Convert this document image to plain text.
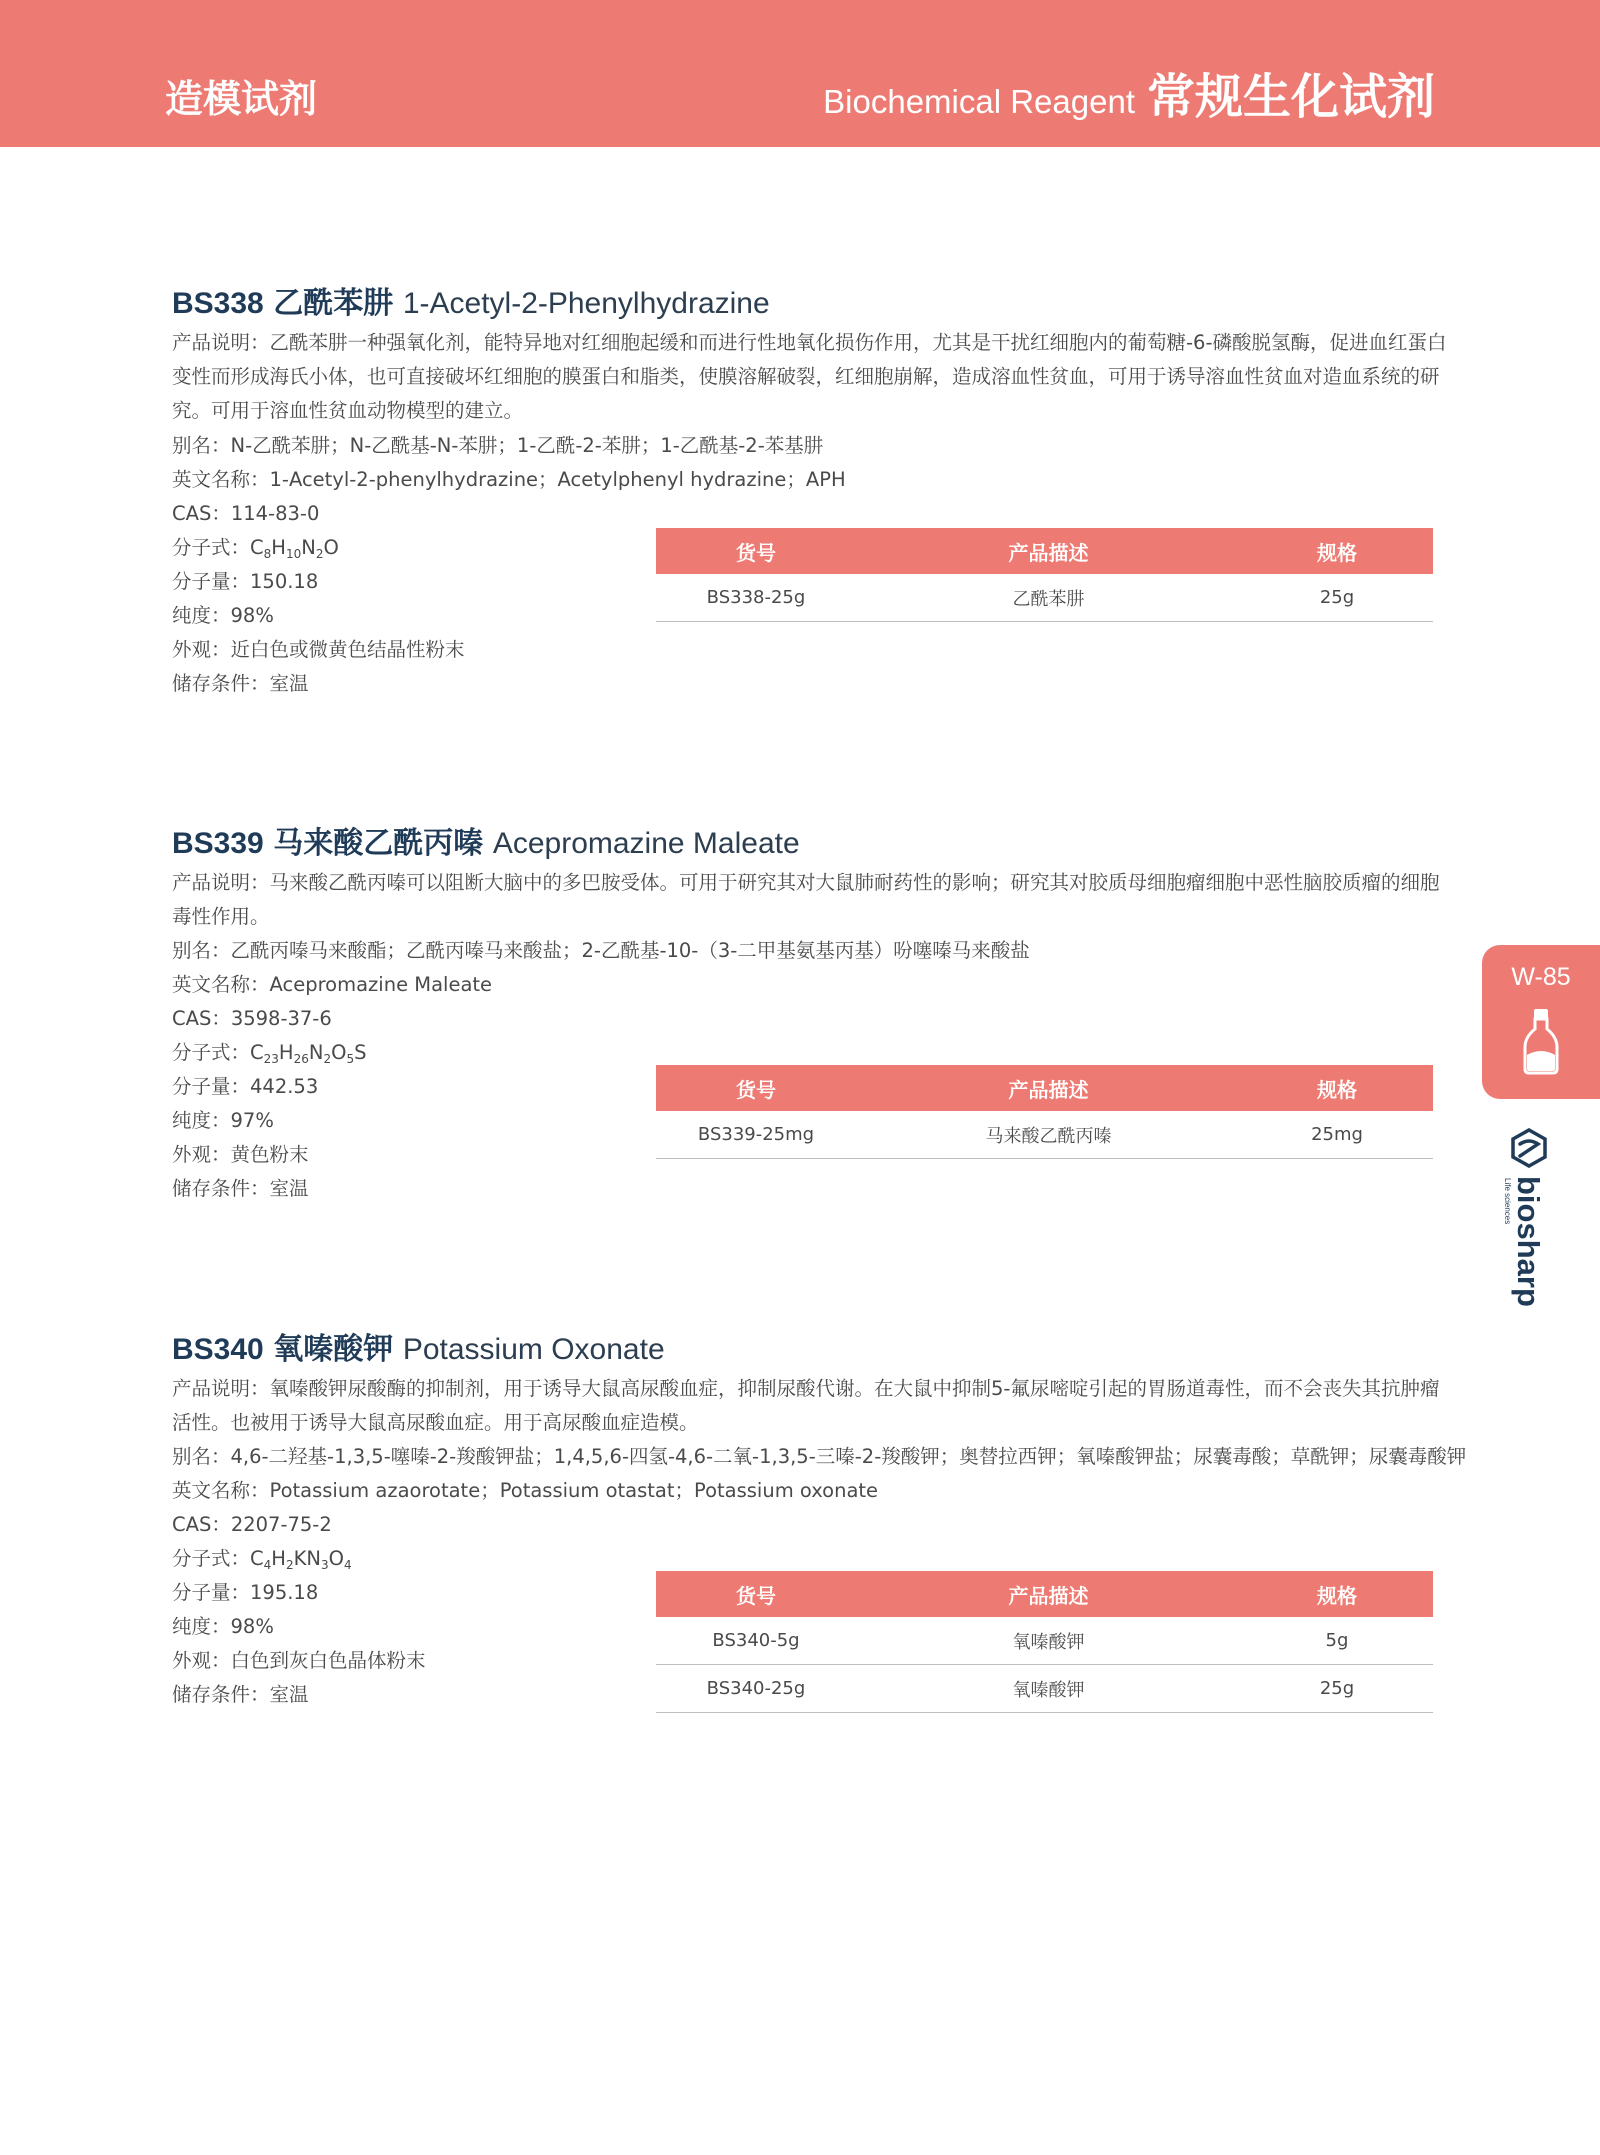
造模试剂	Biochemical Reagent 常规生化试剂
BS338 乙酰苯肼 1-Acetyl-2-Phenylhydrazine

产品说明：乙酰苯肼一种强氧化剂，能特异地对红细胞起缓和而进行性地氧化损伤作用，尤其是干扰红细胞内的葡萄糖-6-磷酸脱氢酶，促进血红蛋白变性而形成海氏小体，也可直接破坏红细胞的膜蛋白和脂类，使膜溶解破裂，红细胞崩解，造成溶血性贫血，可用于诱导溶血性贫血对造血系统的研究。可用于溶血性贫血动物模型的建立。

别名：N-乙酰苯肼；N-乙酰基-N-苯肼；1-乙酰-2-苯肼；1-乙酰基-2-苯基肼
英文名称：1-Acetyl-2-phenylhydrazine；Acetylphenyl hydrazine；APH
CAS：114-83-0
分子式：$C_8H_{10}N_2O$
分子量：150.18
纯度：98%
外观：近白色或微黄色结晶性粉末
储存条件：室温
货号	产品描述	规格
BS338-25g	乙酰苯肼	25g
BS339 马来酸乙酰丙嗪 Acepromazine Maleate

产品说明：马来酸乙酰丙嗪可以阻断大脑中的多巴胺受体。可用于研究其对大鼠肺耐药性的影响；研究其对胶质母细胞瘤细胞中恶性脑胶质瘤的细胞毒性作用。

别名：乙酰丙嗪马来酸酯；乙酰丙嗪马来酸盐；2-乙酰基-10-（3-二甲基氨基丙基）吩噻嗪马来酸盐
英文名称：Acepromazine Maleate
CAS：3598-37-6
分子式：$C_{23}H_{26}N_2O_5S$
分子量：442.53
纯度：97%
外观：黄色粉末
储存条件：室温
货号	产品描述	规格
BS339-25mg	马来酸乙酰丙嗪	25mg
BS340 氧嗪酸钾 Potassium Oxonate

产品说明：氧嗪酸钾尿酸酶的抑制剂，用于诱导大鼠高尿酸血症，抑制尿酸代谢。在大鼠中抑制5-氟尿嘧啶引起的胃肠道毒性，而不会丧失其抗肿瘤活性。也被用于诱导大鼠高尿酸血症。用于高尿酸血症造模。

别名：4,6-二羟基-1,3,5-噻嗪-2-羧酸钾盐；1,4,5,6-四氢-4,6-二氧-1,3,5-三嗪-2-羧酸钾；奥替拉西钾；氧嗪酸钾盐；尿囊毒酸；草酰钾；尿囊毒酸钾
英文名称：Potassium azaorotate；Potassium otastat；Potassium oxonate
CAS：2207-75-2
分子式：$C_4H_2KN_3O_4$
分子量：195.18
纯度：98%
外观：白色到灰白色晶体粉末
储存条件：室温
货号	产品描述	规格
BS340-5g	氧嗪酸钾	5g
BS340-25g	氧嗪酸钾	25g
W-85
biosharp
Life sciences
